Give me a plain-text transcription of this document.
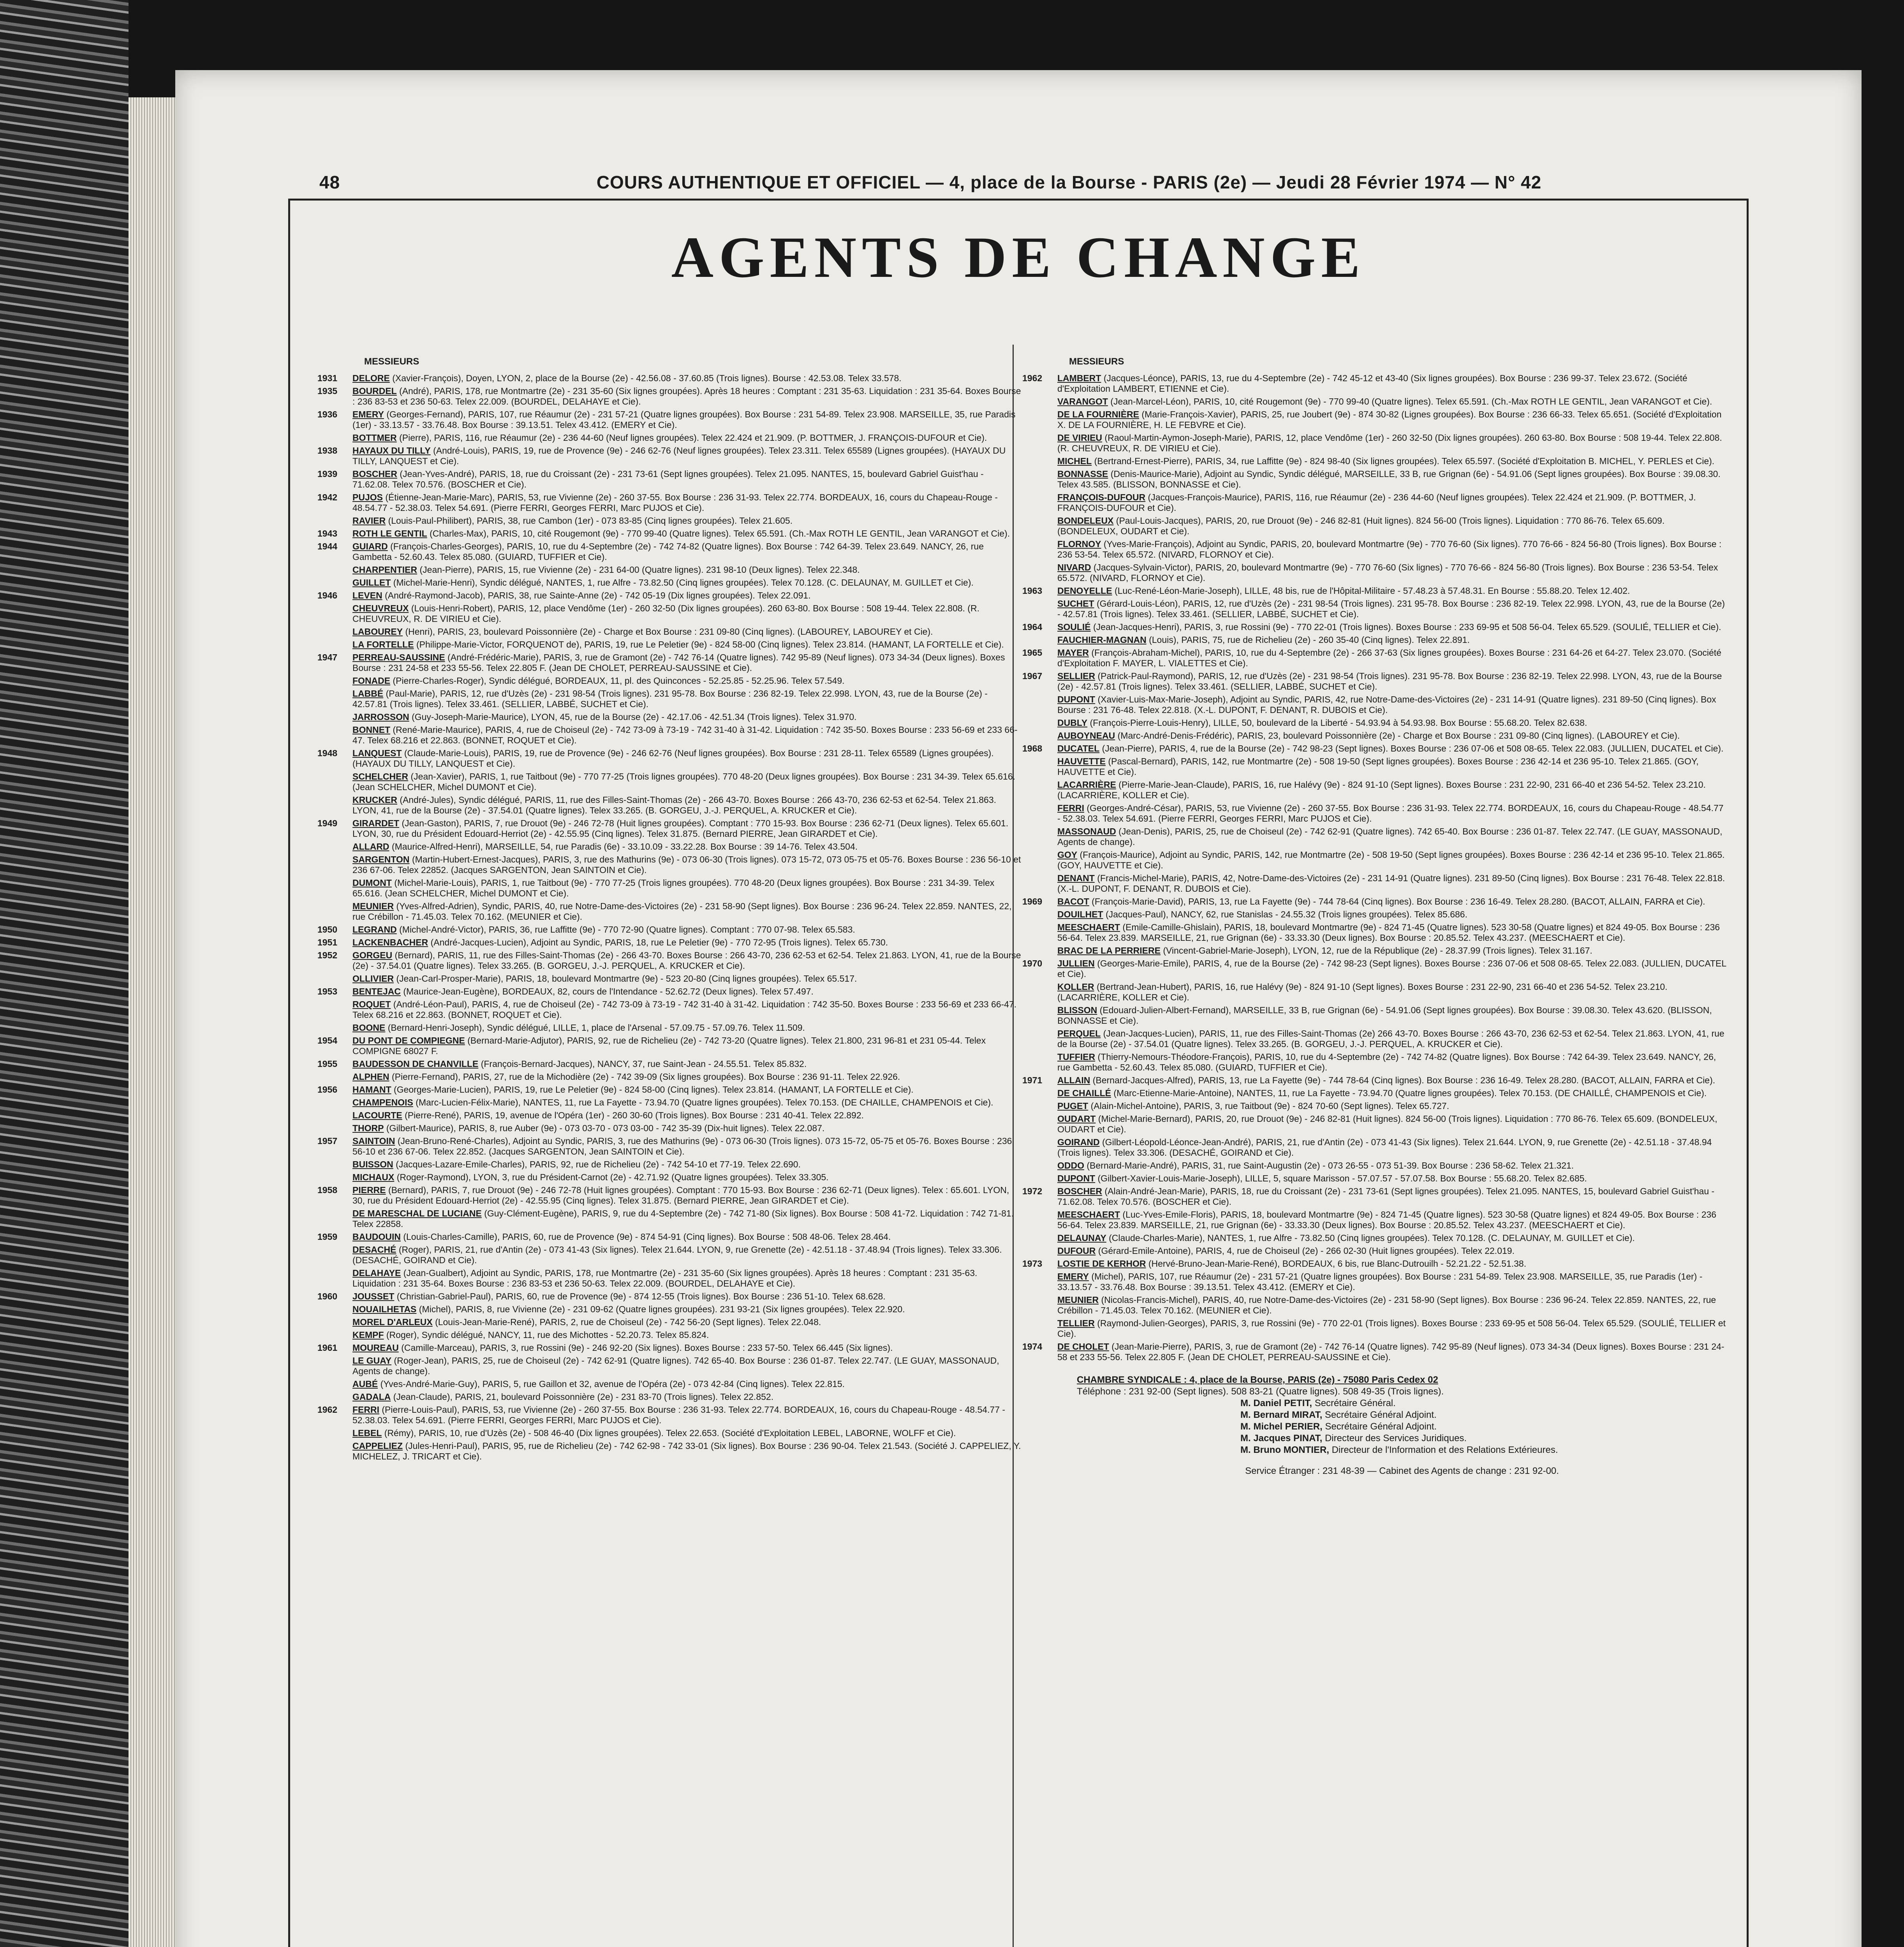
48	COURS AUTHENTIQUE ET OFFICIEL — 4, place de la Bourse - PARIS (2e) — Jeudi 28 Février 1974 — N° 42
AGENTS DE CHANGE
MESSIEURS
1931	DELORE (Xavier-François), Doyen, LYON, 2, place de la Bourse (2e) - 42.56.08 - 37.60.85 (Trois lignes). Bourse : 42.53.08. Telex 33.578.
1935	BOURDEL (André), PARIS, 178, rue Montmartre (2e) - 231 35-60 (Six lignes groupées). Après 18 heures : Comptant : 231 35-63. Liquidation : 231 35-64. Boxes Bourse : 236 83-53 et 236 50-63. Telex 22.009. (BOURDEL, DELAHAYE et Cie).
1936	EMERY (Georges-Fernand), PARIS, 107, rue Réaumur (2e) - 231 57-21 (Quatre lignes groupées). Box Bourse : 231 54-89. Telex 23.908. MARSEILLE, 35, rue Paradis (1er) - 33.13.57 - 33.76.48. Box Bourse : 39.13.51. Telex 43.412. (EMERY et Cie).
BOTTMER (Pierre), PARIS, 116, rue Réaumur (2e) - 236 44-60 (Neuf lignes groupées). Telex 22.424 et 21.909. (P. BOTTMER, J. FRANÇOIS-DUFOUR et Cie).
1938	HAYAUX DU TILLY (André-Louis), PARIS, 19, rue de Provence (9e) - 246 62-76 (Neuf lignes groupées). Telex 23.311. Telex 65589 (Lignes groupées). (HAYAUX DU TILLY, LANQUEST et Cie).
1939	BOSCHER (Jean-Yves-André), PARIS, 18, rue du Croissant (2e) - 231 73-61 (Sept lignes groupées). Telex 21.095. NANTES, 15, boulevard Gabriel Guist'hau - 71.62.08. Telex 70.576. (BOSCHER et Cie).
1942	PUJOS (Étienne-Jean-Marie-Marc), PARIS, 53, rue Vivienne (2e) - 260 37-55. Box Bourse : 236 31-93. Telex 22.774. BORDEAUX, 16, cours du Chapeau-Rouge - 48.54.77 - 52.38.03. Telex 54.691. (Pierre FERRI, Georges FERRI, Marc PUJOS et Cie).
RAVIER (Louis-Paul-Philibert), PARIS, 38, rue Cambon (1er) - 073 83-85 (Cinq lignes groupées). Telex 21.605.
1943	ROTH LE GENTIL (Charles-Max), PARIS, 10, cité Rougemont (9e) - 770 99-40 (Quatre lignes). Telex 65.591. (Ch.-Max ROTH LE GENTIL, Jean VARANGOT et Cie).
1944	GUIARD (François-Charles-Georges), PARIS, 10, rue du 4-Septembre (2e) - 742 74-82 (Quatre lignes). Box Bourse : 742 64-39. Telex 23.649. NANCY, 26, rue Gambetta - 52.60.43. Telex 85.080. (GUIARD, TUFFIER et Cie).
CHARPENTIER (Jean-Pierre), PARIS, 15, rue Vivienne (2e) - 231 64-00 (Quatre lignes). 231 98-10 (Deux lignes). Telex 22.348.
GUILLET (Michel-Marie-Henri), Syndic délégué, NANTES, 1, rue Alfre - 73.82.50 (Cinq lignes groupées). Telex 70.128. (C. DELAUNAY, M. GUILLET et Cie).
1946	LEVEN (André-Raymond-Jacob), PARIS, 38, rue Sainte-Anne (2e) - 742 05-19 (Dix lignes groupées). Telex 22.091.
CHEUVREUX (Louis-Henri-Robert), PARIS, 12, place Vendôme (1er) - 260 32-50 (Dix lignes groupées). 260 63-80. Box Bourse : 508 19-44. Telex 22.808. (R. CHEUVREUX, R. DE VIRIEU et Cie).
LABOUREY (Henri), PARIS, 23, boulevard Poissonnière (2e) - Charge et Box Bourse : 231 09-80 (Cinq lignes). (LABOUREY, LABOUREY et Cie).
LA FORTELLE (Philippe-Marie-Victor, FORQUENOT de), PARIS, 19, rue Le Peletier (9e) - 824 58-00 (Cinq lignes). Telex 23.814. (HAMANT, LA FORTELLE et Cie).
1947	PERREAU-SAUSSINE (André-Frédéric-Marie), PARIS, 3, rue de Gramont (2e) - 742 76-14 (Quatre lignes). 742 95-89 (Neuf lignes). 073 34-34 (Deux lignes). Boxes Bourse : 231 24-58 et 233 55-56. Telex 22.805 F. (Jean DE CHOLET, PERREAU-SAUSSINE et Cie).
FONADE (Pierre-Charles-Roger), Syndic délégué, BORDEAUX, 11, pl. des Quinconces - 52.25.85 - 52.25.96. Telex 57.549.
LABBÉ (Paul-Marie), PARIS, 12, rue d'Uzès (2e) - 231 98-54 (Trois lignes). 231 95-78. Box Bourse : 236 82-19. Telex 22.998. LYON, 43, rue de la Bourse (2e) - 42.57.81 (Trois lignes). Telex 33.461. (SELLIER, LABBÉ, SUCHET et Cie).
JARROSSON (Guy-Joseph-Marie-Maurice), LYON, 45, rue de la Bourse (2e) - 42.17.06 - 42.51.34 (Trois lignes). Telex 31.970.
BONNET (René-Marie-Maurice), PARIS, 4, rue de Choiseul (2e) - 742 73-09 à 73-19 - 742 31-40 à 31-42. Liquidation : 742 35-50. Boxes Bourse : 233 56-69 et 233 66-47. Telex 68.216 et 22.863. (BONNET, ROQUET et Cie).
1948	LANQUEST (Claude-Marie-Louis), PARIS, 19, rue de Provence (9e) - 246 62-76 (Neuf lignes groupées). Box Bourse : 231 28-11. Telex 65589 (Lignes groupées). (HAYAUX DU TILLY, LANQUEST et Cie).
SCHELCHER (Jean-Xavier), PARIS, 1, rue Taitbout (9e) - 770 77-25 (Trois lignes groupées). 770 48-20 (Deux lignes groupées). Box Bourse : 231 34-39. Telex 65.616. (Jean SCHELCHER, Michel DUMONT et Cie).
KRUCKER (André-Jules), Syndic délégué, PARIS, 11, rue des Filles-Saint-Thomas (2e) - 266 43-70. Boxes Bourse : 266 43-70, 236 62-53 et 62-54. Telex 21.863. LYON, 41, rue de la Bourse (2e) - 37.54.01 (Quatre lignes). Telex 33.265. (B. GORGEU, J.-J. PERQUEL, A. KRUCKER et Cie).
1949	GIRARDET (Jean-Gaston), PARIS, 7, rue Drouot (9e) - 246 72-78 (Huit lignes groupées). Comptant : 770 15-93. Box Bourse : 236 62-71 (Deux lignes). Telex 65.601. LYON, 30, rue du Président Edouard-Herriot (2e) - 42.55.95 (Cinq lignes). Telex 31.875. (Bernard PIERRE, Jean GIRARDET et Cie).
ALLARD (Maurice-Alfred-Henri), MARSEILLE, 54, rue Paradis (6e) - 33.10.09 - 33.22.28. Box Bourse : 39 14-76. Telex 43.504.
SARGENTON (Martin-Hubert-Ernest-Jacques), PARIS, 3, rue des Mathurins (9e) - 073 06-30 (Trois lignes). 073 15-72, 073 05-75 et 05-76. Boxes Bourse : 236 56-10 et 236 67-06. Telex 22852. (Jacques SARGENTON, Jean SAINTOIN et Cie).
DUMONT (Michel-Marie-Louis), PARIS, 1, rue Taitbout (9e) - 770 77-25 (Trois lignes groupées). 770 48-20 (Deux lignes groupées). Box Bourse : 231 34-39. Telex 65.616. (Jean SCHELCHER, Michel DUMONT et Cie).
MEUNIER (Yves-Alfred-Adrien), Syndic, PARIS, 40, rue Notre-Dame-des-Victoires (2e) - 231 58-90 (Sept lignes). Box Bourse : 236 96-24. Telex 22.859. NANTES, 22, rue Crébillon - 71.45.03. Telex 70.162. (MEUNIER et Cie).
1950	LEGRAND (Michel-André-Victor), PARIS, 36, rue Laffitte (9e) - 770 72-90 (Quatre lignes). Comptant : 770 07-98. Telex 65.583.
1951	LACKENBACHER (André-Jacques-Lucien), Adjoint au Syndic, PARIS, 18, rue Le Peletier (9e) - 770 72-95 (Trois lignes). Telex 65.730.
1952	GORGEU (Bernard), PARIS, 11, rue des Filles-Saint-Thomas (2e) - 266 43-70. Boxes Bourse : 266 43-70, 236 62-53 et 62-54. Telex 21.863. LYON, 41, rue de la Bourse (2e) - 37.54.01 (Quatre lignes). Telex 33.265. (B. GORGEU, J.-J. PERQUEL, A. KRUCKER et Cie).
OLLIVIER (Jean-Carl-Prosper-Marie), PARIS, 18, boulevard Montmartre (9e) - 523 20-80 (Cinq lignes groupées). Telex 65.517.
1953	BENTEJAC (Maurice-Jean-Eugène), BORDEAUX, 82, cours de l'Intendance - 52.62.72 (Deux lignes). Telex 57.497.
ROQUET (André-Léon-Paul), PARIS, 4, rue de Choiseul (2e) - 742 73-09 à 73-19 - 742 31-40 à 31-42. Liquidation : 742 35-50. Boxes Bourse : 233 56-69 et 233 66-47. Telex 68.216 et 22.863. (BONNET, ROQUET et Cie).
BOONE (Bernard-Henri-Joseph), Syndic délégué, LILLE, 1, place de l'Arsenal - 57.09.75 - 57.09.76. Telex 11.509.
1954	DU PONT DE COMPIEGNE (Bernard-Marie-Adjutor), PARIS, 92, rue de Richelieu (2e) - 742 73-20 (Quatre lignes). Telex 21.800, 231 96-81 et 231 05-44. Telex COMPIGNE 68027 F.
1955	BAUDESSON DE CHANVILLE (François-Bernard-Jacques), NANCY, 37, rue Saint-Jean - 24.55.51. Telex 85.832.
ALPHEN (Pierre-Fernand), PARIS, 27, rue de la Michodière (2e) - 742 39-09 (Six lignes groupées). Box Bourse : 236 91-11. Telex 22.926.
1956	HAMANT (Georges-Marie-Lucien), PARIS, 19, rue Le Peletier (9e) - 824 58-00 (Cinq lignes). Telex 23.814. (HAMANT, LA FORTELLE et Cie).
CHAMPENOIS (Marc-Lucien-Félix-Marie), NANTES, 11, rue La Fayette - 73.94.70 (Quatre lignes groupées). Telex 70.153. (DE CHAILLE, CHAMPENOIS et Cie).
LACOURTE (Pierre-René), PARIS, 19, avenue de l'Opéra (1er) - 260 30-60 (Trois lignes). Box Bourse : 231 40-41. Telex 22.892.
THORP (Gilbert-Maurice), PARIS, 8, rue Auber (9e) - 073 03-70 - 073 03-00 - 742 35-39 (Dix-huit lignes). Telex 22.087.
1957	SAINTOIN (Jean-Bruno-René-Charles), Adjoint au Syndic, PARIS, 3, rue des Mathurins (9e) - 073 06-30 (Trois lignes). 073 15-72, 05-75 et 05-76. Boxes Bourse : 236 56-10 et 236 67-06. Telex 22.852. (Jacques SARGENTON, Jean SAINTOIN et Cie).
BUISSON (Jacques-Lazare-Emile-Charles), PARIS, 92, rue de Richelieu (2e) - 742 54-10 et 77-19. Telex 22.690.
MICHAUX (Roger-Raymond), LYON, 3, rue du Président-Carnot (2e) - 42.71.92 (Quatre lignes groupées). Telex 33.305.
1958	PIERRE (Bernard), PARIS, 7, rue Drouot (9e) - 246 72-78 (Huit lignes groupées). Comptant : 770 15-93. Box Bourse : 236 62-71 (Deux lignes). Telex : 65.601. LYON, 30, rue du Président Edouard-Herriot (2e) - 42.55.95 (Cinq lignes). Telex 31.875. (Bernard PIERRE, Jean GIRARDET et Cie).
DE MARESCHAL DE LUCIANE (Guy-Clément-Eugène), PARIS, 9, rue du 4-Septembre (2e) - 742 71-80 (Six lignes). Box Bourse : 508 41-72. Liquidation : 742 71-81. Telex 22858.
1959	BAUDOUIN (Louis-Charles-Camille), PARIS, 60, rue de Provence (9e) - 874 54-91 (Cinq lignes). Box Bourse : 508 48-06. Telex 28.464.
DESACHÉ (Roger), PARIS, 21, rue d'Antin (2e) - 073 41-43 (Six lignes). Telex 21.644. LYON, 9, rue Grenette (2e) - 42.51.18 - 37.48.94 (Trois lignes). Telex 33.306. (DESACHÉ, GOIRAND et Cie).
DELAHAYE (Jean-Gualbert), Adjoint au Syndic, PARIS, 178, rue Montmartre (2e) - 231 35-60 (Six lignes groupées). Après 18 heures : Comptant : 231 35-63. Liquidation : 231 35-64. Boxes Bourse : 236 83-53 et 236 50-63. Telex 22.009. (BOURDEL, DELAHAYE et Cie).
1960	JOUSSET (Christian-Gabriel-Paul), PARIS, 60, rue de Provence (9e) - 874 12-55 (Trois lignes). Box Bourse : 236 51-10. Telex 68.628.
NOUAILHETAS (Michel), PARIS, 8, rue Vivienne (2e) - 231 09-62 (Quatre lignes groupées). 231 93-21 (Six lignes groupées). Telex 22.920.
MOREL D'ARLEUX (Louis-Jean-Marie-René), PARIS, 2, rue de Choiseul (2e) - 742 56-20 (Sept lignes). Telex 22.048.
KEMPF (Roger), Syndic délégué, NANCY, 11, rue des Michottes - 52.20.73. Telex 85.824.
1961	MOUREAU (Camille-Marceau), PARIS, 3, rue Rossini (9e) - 246 92-20 (Six lignes). Boxes Bourse : 233 57-50. Telex 66.445 (Six lignes).
LE GUAY (Roger-Jean), PARIS, 25, rue de Choiseul (2e) - 742 62-91 (Quatre lignes). 742 65-40. Box Bourse : 236 01-87. Telex 22.747. (LE GUAY, MASSONAUD, Agents de change).
AUBÉ (Yves-André-Marie-Guy), PARIS, 5, rue Gaillon et 32, avenue de l'Opéra (2e) - 073 42-84 (Cinq lignes). Telex 22.815.
GADALA (Jean-Claude), PARIS, 21, boulevard Poissonnière (2e) - 231 83-70 (Trois lignes). Telex 22.852.
1962	FERRI (Pierre-Louis-Paul), PARIS, 53, rue Vivienne (2e) - 260 37-55. Box Bourse : 236 31-93. Telex 22.774. BORDEAUX, 16, cours du Chapeau-Rouge - 48.54.77 - 52.38.03. Telex 54.691. (Pierre FERRI, Georges FERRI, Marc PUJOS et Cie).
LEBEL (Rémy), PARIS, 10, rue d'Uzès (2e) - 508 46-40 (Dix lignes groupées). Telex 22.653. (Société d'Exploitation LEBEL, LABORNE, WOLFF et Cie).
CAPPELIEZ (Jules-Henri-Paul), PARIS, 95, rue de Richelieu (2e) - 742 62-98 - 742 33-01 (Six lignes). Box Bourse : 236 90-04. Telex 21.543. (Société J. CAPPELIEZ, Y. MICHELEZ, J. TRICART et Cie).
MESSIEURS
1962	LAMBERT (Jacques-Léonce), PARIS, 13, rue du 4-Septembre (2e) - 742 45-12 et 43-40 (Six lignes groupées). Box Bourse : 236 99-37. Telex 23.672. (Société d'Exploitation LAMBERT, ETIENNE et Cie).
VARANGOT (Jean-Marcel-Léon), PARIS, 10, cité Rougemont (9e) - 770 99-40 (Quatre lignes). Telex 65.591. (Ch.-Max ROTH LE GENTIL, Jean VARANGOT et Cie).
DE LA FOURNIÈRE (Marie-François-Xavier), PARIS, 25, rue Joubert (9e) - 874 30-82 (Lignes groupées). Box Bourse : 236 66-33. Telex 65.651. (Société d'Exploitation X. DE LA FOURNIÈRE, H. LE FEBVRE et Cie).
DE VIRIEU (Raoul-Martin-Aymon-Joseph-Marie), PARIS, 12, place Vendôme (1er) - 260 32-50 (Dix lignes groupées). 260 63-80. Box Bourse : 508 19-44. Telex 22.808. (R. CHEUVREUX, R. DE VIRIEU et Cie).
MICHEL (Bertrand-Ernest-Pierre), PARIS, 34, rue Laffitte (9e) - 824 98-40 (Six lignes groupées). Telex 65.597. (Société d'Exploitation B. MICHEL, Y. PERLES et Cie).
BONNASSE (Denis-Maurice-Marie), Adjoint au Syndic, Syndic délégué, MARSEILLE, 33 B, rue Grignan (6e) - 54.91.06 (Sept lignes groupées). Box Bourse : 39.08.30. Telex 43.585. (BLISSON, BONNASSE et Cie).
FRANÇOIS-DUFOUR (Jacques-François-Maurice), PARIS, 116, rue Réaumur (2e) - 236 44-60 (Neuf lignes groupées). Telex 22.424 et 21.909. (P. BOTTMER, J. FRANÇOIS-DUFOUR et Cie).
BONDELEUX (Paul-Louis-Jacques), PARIS, 20, rue Drouot (9e) - 246 82-81 (Huit lignes). 824 56-00 (Trois lignes). Liquidation : 770 86-76. Telex 65.609. (BONDELEUX, OUDART et Cie).
FLORNOY (Yves-Marie-François), Adjoint au Syndic, PARIS, 20, boulevard Montmartre (9e) - 770 76-60 (Six lignes). 770 76-66 - 824 56-80 (Trois lignes). Box Bourse : 236 53-54. Telex 65.572. (NIVARD, FLORNOY et Cie).
NIVARD (Jacques-Sylvain-Victor), PARIS, 20, boulevard Montmartre (9e) - 770 76-60 (Six lignes) - 770 76-66 - 824 56-80 (Trois lignes). Box Bourse : 236 53-54. Telex 65.572. (NIVARD, FLORNOY et Cie).
1963	DENOYELLE (Luc-René-Léon-Marie-Joseph), LILLE, 48 bis, rue de l'Hôpital-Militaire - 57.48.23 à 57.48.31. En Bourse : 55.88.20. Telex 12.402.
SUCHET (Gérard-Louis-Léon), PARIS, 12, rue d'Uzès (2e) - 231 98-54 (Trois lignes). 231 95-78. Box Bourse : 236 82-19. Telex 22.998. LYON, 43, rue de la Bourse (2e) - 42.57.81 (Trois lignes). Telex 33.461. (SELLIER, LABBÉ, SUCHET et Cie).
1964	SOULIÉ (Jean-Jacques-Henri), PARIS, 3, rue Rossini (9e) - 770 22-01 (Trois lignes). Boxes Bourse : 233 69-95 et 508 56-04. Telex 65.529. (SOULIÉ, TELLIER et Cie).
FAUCHIER-MAGNAN (Louis), PARIS, 75, rue de Richelieu (2e) - 260 35-40 (Cinq lignes). Telex 22.891.
1965	MAYER (François-Abraham-Michel), PARIS, 10, rue du 4-Septembre (2e) - 266 37-63 (Six lignes groupées). Boxes Bourse : 231 64-26 et 64-27. Telex 23.070. (Société d'Exploitation F. MAYER, L. VIALETTES et Cie).
1967	SELLIER (Patrick-Paul-Raymond), PARIS, 12, rue d'Uzès (2e) - 231 98-54 (Trois lignes). 231 95-78. Box Bourse : 236 82-19. Telex 22.998. LYON, 43, rue de la Bourse (2e) - 42.57.81 (Trois lignes). Telex 33.461. (SELLIER, LABBÉ, SUCHET et Cie).
DUPONT (Xavier-Luis-Max-Marie-Joseph), Adjoint au Syndic, PARIS, 42, rue Notre-Dame-des-Victoires (2e) - 231 14-91 (Quatre lignes). 231 89-50 (Cinq lignes). Box Bourse : 231 76-48. Telex 22.818. (X.-L. DUPONT, F. DENANT, R. DUBOIS et Cie).
DUBLY (François-Pierre-Louis-Henry), LILLE, 50, boulevard de la Liberté - 54.93.94 à 54.93.98. Box Bourse : 55.68.20. Telex 82.638.
AUBOYNEAU (Marc-André-Denis-Frédéric), PARIS, 23, boulevard Poissonnière (2e) - Charge et Box Bourse : 231 09-80 (Cinq lignes). (LABOUREY et Cie).
1968	DUCATEL (Jean-Pierre), PARIS, 4, rue de la Bourse (2e) - 742 98-23 (Sept lignes). Boxes Bourse : 236 07-06 et 508 08-65. Telex 22.083. (JULLIEN, DUCATEL et Cie).
HAUVETTE (Pascal-Bernard), PARIS, 142, rue Montmartre (2e) - 508 19-50 (Sept lignes groupées). Boxes Bourse : 236 42-14 et 236 95-10. Telex 21.865. (GOY, HAUVETTE et Cie).
LACARRIÈRE (Pierre-Marie-Jean-Claude), PARIS, 16, rue Halévy (9e) - 824 91-10 (Sept lignes). Boxes Bourse : 231 22-90, 231 66-40 et 236 54-52. Telex 23.210. (LACARRIÈRE, KOLLER et Cie).
FERRI (Georges-André-César), PARIS, 53, rue Vivienne (2e) - 260 37-55. Box Bourse : 236 31-93. Telex 22.774. BORDEAUX, 16, cours du Chapeau-Rouge - 48.54.77 - 52.38.03. Telex 54.691. (Pierre FERRI, Georges FERRI, Marc PUJOS et Cie).
MASSONAUD (Jean-Denis), PARIS, 25, rue de Choiseul (2e) - 742 62-91 (Quatre lignes). 742 65-40. Box Bourse : 236 01-87. Telex 22.747. (LE GUAY, MASSONAUD, Agents de change).
GOY (François-Maurice), Adjoint au Syndic, PARIS, 142, rue Montmartre (2e) - 508 19-50 (Sept lignes groupées). Boxes Bourse : 236 42-14 et 236 95-10. Telex 21.865. (GOY, HAUVETTE et Cie).
DENANT (Francis-Michel-Marie), PARIS, 42, Notre-Dame-des-Victoires (2e) - 231 14-91 (Quatre lignes). 231 89-50 (Cinq lignes). Box Bourse : 231 76-48. Telex 22.818. (X.-L. DUPONT, F. DENANT, R. DUBOIS et Cie).
1969	BACOT (François-Marie-David), PARIS, 13, rue La Fayette (9e) - 744 78-64 (Cinq lignes). Box Bourse : 236 16-49. Telex 28.280. (BACOT, ALLAIN, FARRA et Cie).
DOUILHET (Jacques-Paul), NANCY, 62, rue Stanislas - 24.55.32 (Trois lignes groupées). Telex 85.686.
MEESCHAERT (Emile-Camille-Ghislain), PARIS, 18, boulevard Montmartre (9e) - 824 71-45 (Quatre lignes). 523 30-58 (Quatre lignes) et 824 49-05. Box Bourse : 236 56-64. Telex 23.839. MARSEILLE, 21, rue Grignan (6e) - 33.33.30 (Deux lignes). Box Bourse : 20.85.52. Telex 43.237. (MEESCHAERT et Cie).
BRAC DE LA PERRIERE (Vincent-Gabriel-Marie-Joseph), LYON, 12, rue de la République (2e) - 28.37.99 (Trois lignes). Telex 31.167.
1970	JULLIEN (Georges-Marie-Emile), PARIS, 4, rue de la Bourse (2e) - 742 98-23 (Sept lignes). Boxes Bourse : 236 07-06 et 508 08-65. Telex 22.083. (JULLIEN, DUCATEL et Cie).
KOLLER (Bertrand-Jean-Hubert), PARIS, 16, rue Halévy (9e) - 824 91-10 (Sept lignes). Boxes Bourse : 231 22-90, 231 66-40 et 236 54-52. Telex 23.210. (LACARRIÈRE, KOLLER et Cie).
BLISSON (Edouard-Julien-Albert-Fernand), MARSEILLE, 33 B, rue Grignan (6e) - 54.91.06 (Sept lignes groupées). Box Bourse : 39.08.30. Telex 43.620. (BLISSON, BONNASSE et Cie).
PERQUEL (Jean-Jacques-Lucien), PARIS, 11, rue des Filles-Saint-Thomas (2e) 266 43-70. Boxes Bourse : 266 43-70, 236 62-53 et 62-54. Telex 21.863. LYON, 41, rue de la Bourse (2e) - 37.54.01 (Quatre lignes). Telex 33.265. (B. GORGEU, J.-J. PERQUEL, A. KRUCKER et Cie).
TUFFIER (Thierry-Nemours-Théodore-François), PARIS, 10, rue du 4-Septembre (2e) - 742 74-82 (Quatre lignes). Box Bourse : 742 64-39. Telex 23.649. NANCY, 26, rue Gambetta - 52.60.43. Telex 85.080. (GUIARD, TUFFIER et Cie).
1971	ALLAIN (Bernard-Jacques-Alfred), PARIS, 13, rue La Fayette (9e) - 744 78-64 (Cinq lignes). Box Bourse : 236 16-49. Telex 28.280. (BACOT, ALLAIN, FARRA et Cie).
DE CHAILLÉ (Marc-Etienne-Marie-Antoine), NANTES, 11, rue La Fayette - 73.94.70 (Quatre lignes groupées). Telex 70.153. (DE CHAILLÉ, CHAMPENOIS et Cie).
PUGET (Alain-Michel-Antoine), PARIS, 3, rue Taitbout (9e) - 824 70-60 (Sept lignes). Telex 65.727.
OUDART (Michel-Marie-Bernard), PARIS, 20, rue Drouot (9e) - 246 82-81 (Huit lignes). 824 56-00 (Trois lignes). Liquidation : 770 86-76. Telex 65.609. (BONDELEUX, OUDART et Cie).
GOIRAND (Gilbert-Léopold-Léonce-Jean-André), PARIS, 21, rue d'Antin (2e) - 073 41-43 (Six lignes). Telex 21.644. LYON, 9, rue Grenette (2e) - 42.51.18 - 37.48.94 (Trois lignes). Telex 33.306. (DESACHÉ, GOIRAND et Cie).
ODDO (Bernard-Marie-André), PARIS, 31, rue Saint-Augustin (2e) - 073 26-55 - 073 51-39. Box Bourse : 236 58-62. Telex 21.321.
DUPONT (Gilbert-Xavier-Louis-Marie-Joseph), LILLE, 5, square Marisson - 57.07.57 - 57.07.58. Box Bourse : 55.68.20. Telex 82.685.
1972	BOSCHER (Alain-André-Jean-Marie), PARIS, 18, rue du Croissant (2e) - 231 73-61 (Sept lignes groupées). Telex 21.095. NANTES, 15, boulevard Gabriel Guist'hau - 71.62.08. Telex 70.576. (BOSCHER et Cie).
MEESCHAERT (Luc-Yves-Emile-Floris), PARIS, 18, boulevard Montmartre (9e) - 824 71-45 (Quatre lignes). 523 30-58 (Quatre lignes) et 824 49-05. Box Bourse : 236 56-64. Telex 23.839. MARSEILLE, 21, rue Grignan (6e) - 33.33.30 (Deux lignes). Box Bourse : 20.85.52. Telex 43.237. (MEESCHAERT et Cie).
DELAUNAY (Claude-Charles-Marie), NANTES, 1, rue Alfre - 73.82.50 (Cinq lignes groupées). Telex 70.128. (C. DELAUNAY, M. GUILLET et Cie).
DUFOUR (Gérard-Emile-Antoine), PARIS, 4, rue de Choiseul (2e) - 266 02-30 (Huit lignes groupées). Telex 22.019.
1973	LOSTIE DE KERHOR (Hervé-Bruno-Jean-Marie-René), BORDEAUX, 6 bis, rue Blanc-Dutrouilh - 52.21.22 - 52.51.38.
EMERY (Michel), PARIS, 107, rue Réaumur (2e) - 231 57-21 (Quatre lignes groupées). Box Bourse : 231 54-89. Telex 23.908. MARSEILLE, 35, rue Paradis (1er) - 33.13.57 - 33.76.48. Box Bourse : 39.13.51. Telex 43.412. (EMERY et Cie).
MEUNIER (Nicolas-Francis-Michel), PARIS, 40, rue Notre-Dame-des-Victoires (2e) - 231 58-90 (Sept lignes). Box Bourse : 236 96-24. Telex 22.859. NANTES, 22, rue Crébillon - 71.45.03. Telex 70.162. (MEUNIER et Cie).
TELLIER (Raymond-Julien-Georges), PARIS, 3, rue Rossini (9e) - 770 22-01 (Trois lignes). Boxes Bourse : 233 69-95 et 508 56-04. Telex 65.529. (SOULIÉ, TELLIER et Cie).
1974	DE CHOLET (Jean-Marie-Pierre), PARIS, 3, rue de Gramont (2e) - 742 76-14 (Quatre lignes). 742 95-89 (Neuf lignes). 073 34-34 (Deux lignes). Boxes Bourse : 231 24-58 et 233 55-56. Telex 22.805 F. (Jean DE CHOLET, PERREAU-SAUSSINE et Cie).
CHAMBRE SYNDICALE : 4, place de la Bourse, PARIS (2e) - 75080 Paris Cedex 02
Téléphone : 231 92-00 (Sept lignes). 508 83-21 (Quatre lignes). 508 49-35 (Trois lignes).
M. Daniel PETIT, Secrétaire Général.
M. Bernard MIRAT, Secrétaire Général Adjoint.
M. Michel PERIER, Secrétaire Général Adjoint.
M. Jacques PINAT, Directeur des Services Juridiques.
M. Bruno MONTIER, Directeur de l'Information et des Relations Extérieures.
Service Étranger : 231 48-39 — Cabinet des Agents de change : 231 92-00.
